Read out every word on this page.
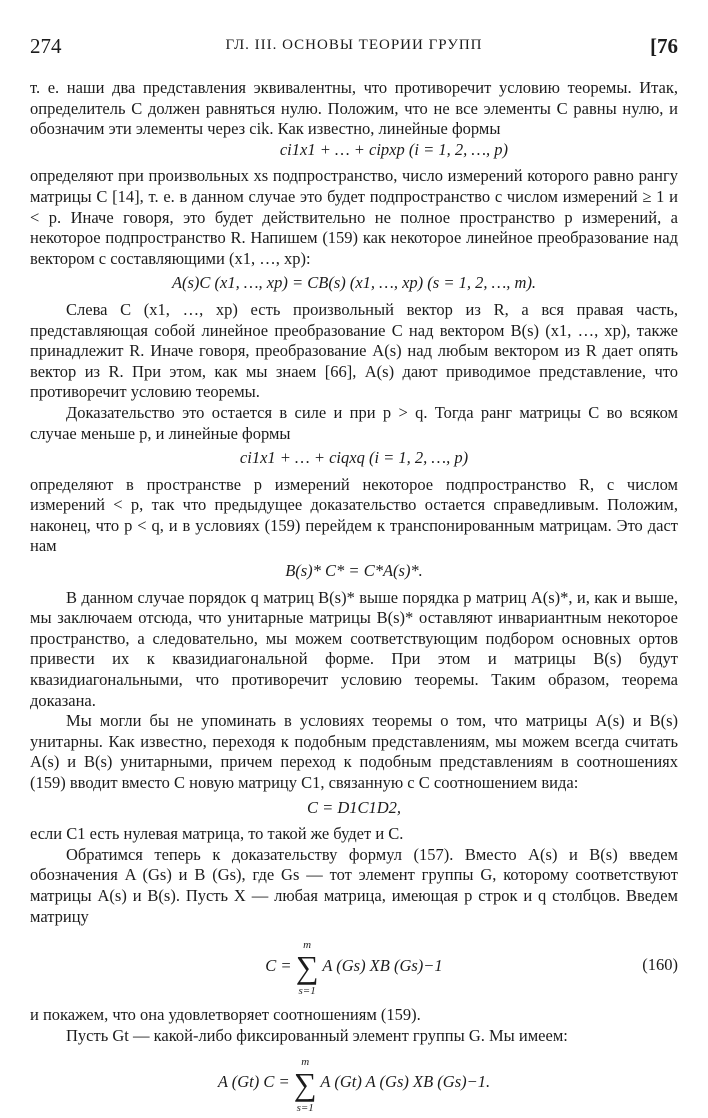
274	ГЛ. III. ОСНОВЫ ТЕОРИИ ГРУПП	[76

т. е. наши два представления эквивалентны, что противоречит условию теоремы. Итак, определитель C должен равняться нулю. Положим, что не все элементы C равны нулю, и обозначим эти элементы через cik. Как известно, линейные формы

ci1x1 + … + cipxp (i = 1, 2, …, p)

определяют при произвольных xs подпространство, число измерений которого равно рангу матрицы C [14], т. е. в данном случае это будет подпространство с числом измерений ≥ 1 и < p. Иначе говоря, это будет действительно не полное пространство p измерений, а некоторое подпространство R. Напишем (159) как некоторое линейное преобразование над вектором с составляющими (x1, …, xp):

A(s)C (x1, …, xp) = CB(s) (x1, …, xp) (s = 1, 2, …, m).

Слева C (x1, …, xp) есть произвольный вектор из R, а вся правая часть, представляющая собой линейное преобразование C над вектором B(s) (x1, …, xp), также принадлежит R. Иначе говоря, преобразование A(s) над любым вектором из R дает опять вектор из R. При этом, как мы знаем [66], A(s) дают приводимое представление, что противоречит условию теоремы.

Доказательство это остается в силе и при p > q. Тогда ранг матрицы C во всяком случае меньше p, и линейные формы

ci1x1 + … + ciqxq (i = 1, 2, …, p)

определяют в пространстве p измерений некоторое подпространство R, с числом измерений < p, так что предыдущее доказательство остается справедливым. Положим, наконец, что p < q, и в условиях (159) перейдем к транспонированным матрицам. Это даст нам

B(s)* C* = C*A(s)*.

В данном случае порядок q матриц B(s)* выше порядка p матриц A(s)*, и, как и выше, мы заключаем отсюда, что унитарные матрицы B(s)* оставляют инвариантным некоторое пространство, а следовательно, мы можем соответствующим подбором основных ортов привести их к квазидиагональной форме. При этом и матрицы B(s) будут квазидиагональными, что противоречит условию теоремы. Таким образом, теорема доказана.

Мы могли бы не упоминать в условиях теоремы о том, что матрицы A(s) и B(s) унитарны. Как известно, переходя к подобным представлениям, мы можем всегда считать A(s) и B(s) унитарными, причем переход к подобным представлениям в соотношениях (159) вводит вместо C новую матрицу C1, связанную с C соотношением вида:

C = D1C1D2,

если C1 есть нулевая матрица, то такой же будет и C.

Обратимся теперь к доказательству формул (157). Вместо A(s) и B(s) введем обозначения A (Gs) и B (Gs), где Gs — тот элемент группы G, которому соответствуют матрицы A(s) и B(s). Пусть X — любая матрица, имеющая p строк и q столбцов. Введем матрицу

C = m
∑
s=1 A (Gs) XB (Gs)−1	(160)

и покажем, что она удовлетворяет соотношениям (159).

Пусть Gt — какой-либо фиксированный элемент группы G. Мы имеем:

A (Gt) C = m
∑
s=1 A (Gt) A (Gs) XB (Gs)−1.
